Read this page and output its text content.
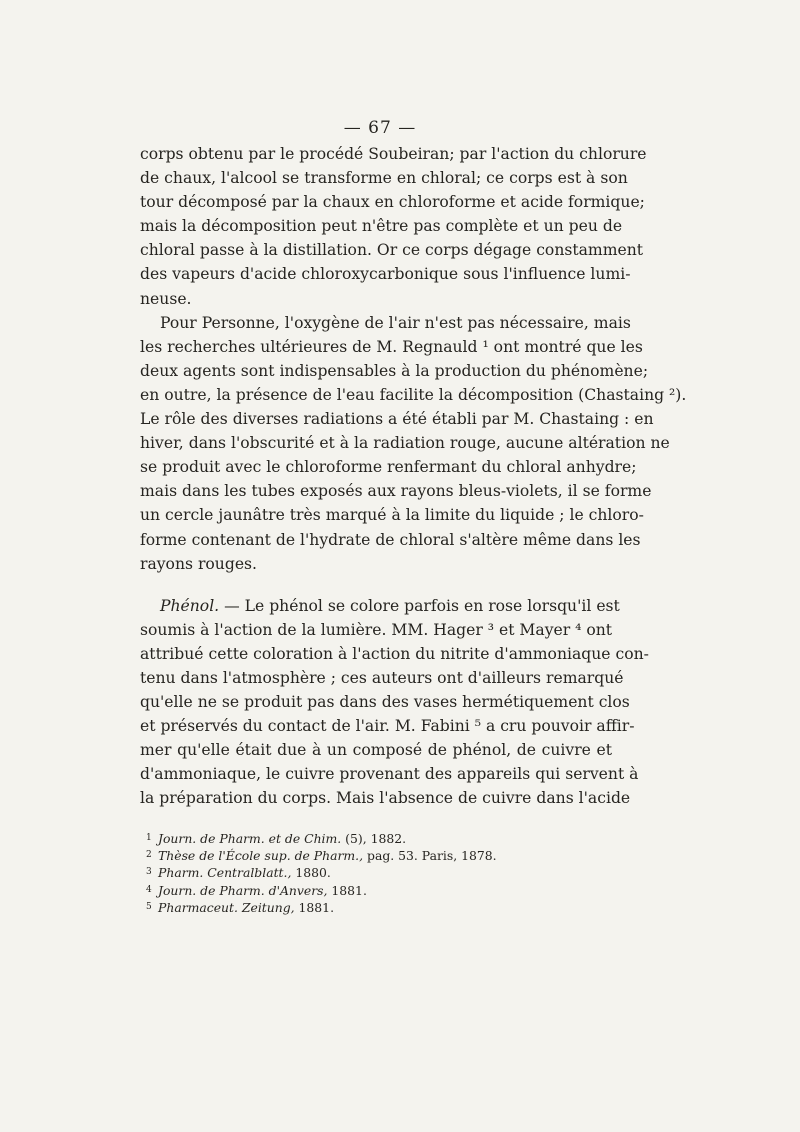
— 67 —
corps obtenu par le procédé Soubeiran; par l'action du chlorure
de chaux, l'alcool se transforme en chloral; ce corps est à son
tour décomposé par la chaux en chloroforme et acide formique;
mais la décomposition peut n'être pas complète et un peu de
chloral passe à la distillation. Or ce corps dégage constamment
des vapeurs d'acide chloroxycarbonique sous l'influence lumi-
neuse.
Pour Personne, l'oxygène de l'air n'est pas nécessaire, mais
les recherches ultérieures de M. Regnauld ¹ ont montré que les
deux agents sont indispensables à la production du phénomène;
en outre, la présence de l'eau facilite la décomposition (Chastaing ²).
Le rôle des diverses radiations a été établi par M. Chastaing : en
hiver, dans l'obscurité et à la radiation rouge, aucune altération ne
se produit avec le chloroforme renfermant du chloral anhydre;
mais dans les tubes exposés aux rayons bleus-violets, il se forme
un cercle jaunâtre très marqué à la limite du liquide ; le chloro-
forme contenant de l'hydrate de chloral s'altère même dans les
rayons rouges.
Phénol. — Le phénol se colore parfois en rose lorsqu'il est
soumis à l'action de la lumière. MM. Hager ³ et Mayer ⁴ ont
attribué cette coloration à l'action du nitrite d'ammoniaque con-
tenu dans l'atmosphère ; ces auteurs ont d'ailleurs remarqué
qu'elle ne se produit pas dans des vases hermétiquement clos
et préservés du contact de l'air. M. Fabini ⁵ a cru pouvoir affir-
mer qu'elle était due à un composé de phénol, de cuivre et
d'ammoniaque, le cuivre provenant des appareils qui servent à
la préparation du corps. Mais l'absence de cuivre dans l'acide
1 Journ. de Pharm. et de Chim. (5), 1882.
2 Thèse de l'École sup. de Pharm., pag. 53. Paris, 1878.
3 Pharm. Centralblatt., 1880.
4 Journ. de Pharm. d'Anvers, 1881.
5 Pharmaceut. Zeitung, 1881.
